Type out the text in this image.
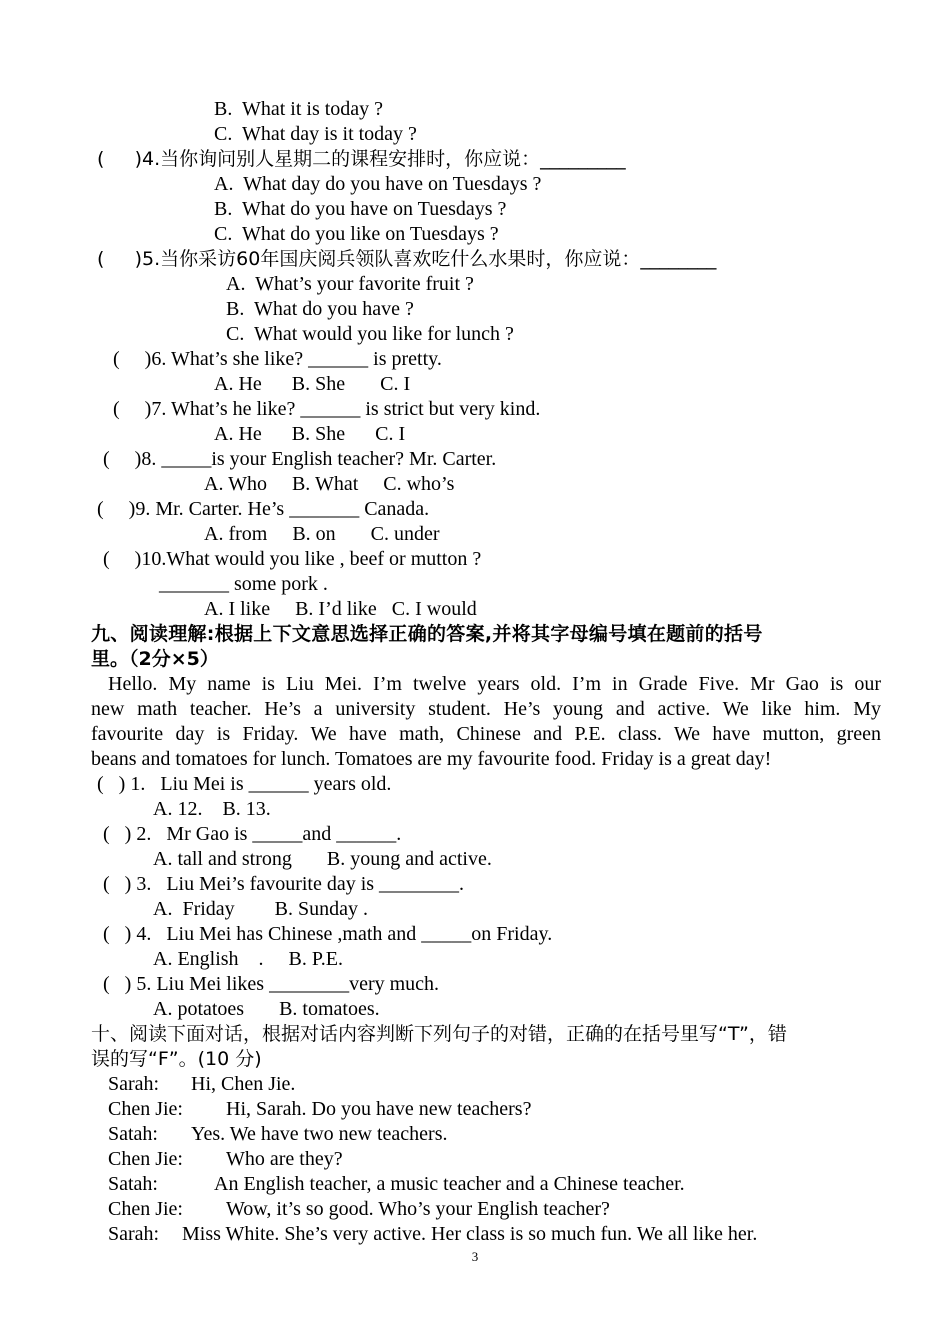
B.  What it is today ?
C.  What day is it today ?
(     )4.当你询问别人星期二的课程安排时，你应说：_________
A.  What day do you have on Tuesdays ?
B.  What do you have on Tuesdays ?
C.  What do you like on Tuesdays ?
(     )5.当你采访60年国庆阅兵领队喜欢吃什么水果时，你应说：________
A.  What’s your favorite fruit ?
B.  What do you have ?
C.  What would you like for lunch ?
(     )6. What’s she like? ______ is pretty.
A. He      B. She       C. I
(     )7. What’s he like? ______ is strict but very kind.
A. He      B. She      C. I
(     )8. _____is your English teacher? Mr. Carter.
A. Who     B. What     C. who’s
(     )9. Mr. Carter. He’s _______ Canada.
A. from     B. on       C. under
(     )10.What would you like , beef or mutton ?
_______ some pork .
A. I like     B. I’d like   C. I would
九、阅读理解:根据上下文意思选择正确的答案,并将其字母编号填在题前的括号
里。（2分×5）
Hello. My name is Liu Mei. I’m twelve years old. I’m in Grade Five. Mr Gao is our
new math teacher. He’s a university student. He’s young and active. We like him. My
favourite day is Friday. We have math, Chinese and P.E. class. We have mutton, green
beans and tomatoes for lunch. Tomatoes are my favourite food. Friday is a great day!
(   ) 1.   Liu Mei is ______ years old.
A. 12.    B. 13.
(   ) 2.   Mr Gao is _____and ______.
A. tall and strong       B. young and active.
(   ) 3.   Liu Mei’s favourite day is ________.
A.  Friday        B. Sunday .
(   ) 4.   Liu Mei has Chinese ,math and _____on Friday.
A. English    .     B. P.E.
(   ) 5. Liu Mei likes ________very much.
A. potatoes       B. tomatoes.
十、阅读下面对话，根据对话内容判断下列句子的对错，正确的在括号里写“T”，错
误的写“F”。(10 分)
Sarah: Hi, Chen Jie.
Chen Jie: Hi, Sarah. Do you have new teachers?
Satah: Yes. We have two new teachers.
Chen Jie: Who are they?
Satah:	An English teacher, a music teacher and a Chinese teacher.
Chen Jie: Wow, it’s so good. Who’s your English teacher?
Sarah: Miss White. She’s very active. Her class is so much fun. We all like her.
3
